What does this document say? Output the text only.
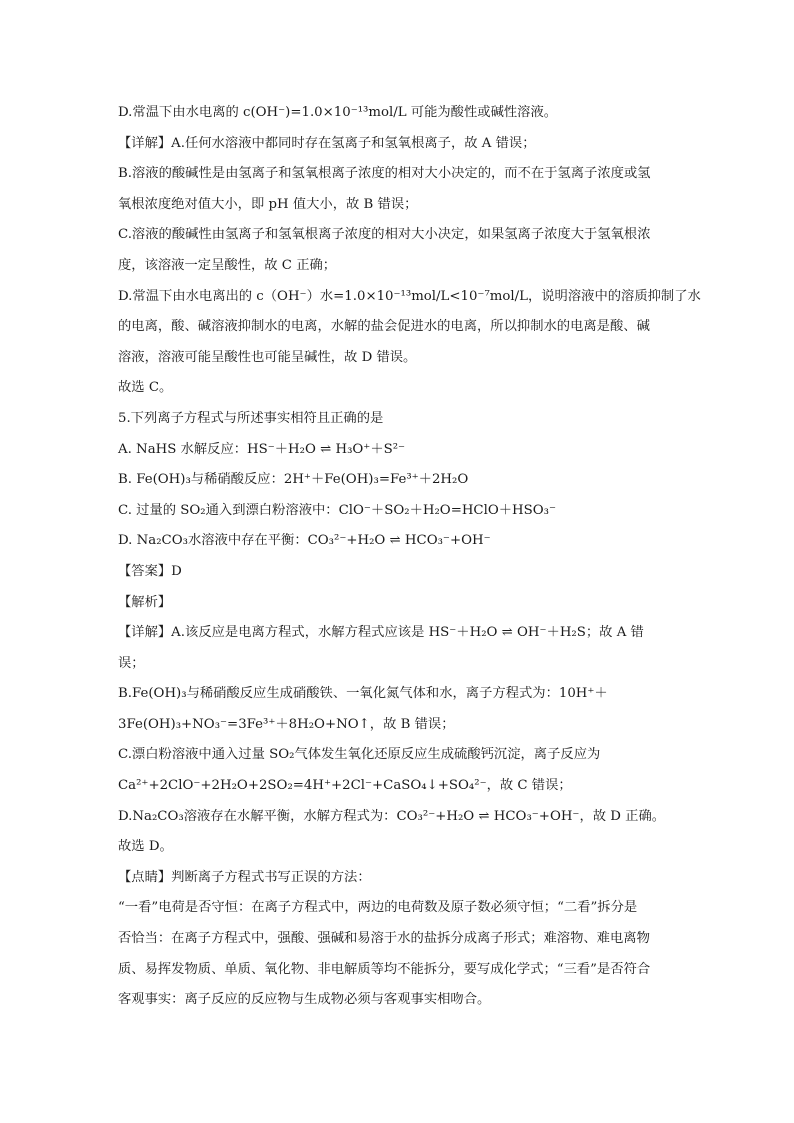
D.常温下由水电离的 c(OH⁻)=1.0×10⁻¹³mol/L 可能为酸性或碱性溶液。
【详解】A.任何水溶液中都同时存在氢离子和氢氧根离子，故 A 错误；
B.溶液的酸碱性是由氢离子和氢氧根离子浓度的相对大小决定的，而不在于氢离子浓度或氢
氧根浓度绝对值大小，即 pH 值大小，故 B 错误；
C.溶液的酸碱性由氢离子和氢氧根离子浓度的相对大小决定，如果氢离子浓度大于氢氧根浓
度，该溶液一定呈酸性，故 C 正确；
D.常温下由水电离出的 c（OH⁻）水=1.0×10⁻¹³mol/L<10⁻⁷mol/L，说明溶液中的溶质抑制了水
的电离，酸、碱溶液抑制水的电离，水解的盐会促进水的电离，所以抑制水的电离是酸、碱
溶液，溶液可能呈酸性也可能呈碱性，故 D 错误。
故选 C。
5.下列离子方程式与所述事实相符且正确的是
A. NaHS 水解反应：HS⁻＋H₂O ⇌ H₃O⁺＋S²⁻
B. Fe(OH)₃与稀硝酸反应：2H⁺＋Fe(OH)₃=Fe³⁺＋2H₂O
C. 过量的 SO₂通入到漂白粉溶液中：ClO⁻＋SO₂＋H₂O=HClO＋HSO₃⁻
D. Na₂CO₃水溶液中存在平衡：CO₃²⁻+H₂O ⇌ HCO₃⁻+OH⁻
【答案】D
【解析】
【详解】A.该反应是电离方程式，水解方程式应该是 HS⁻＋H₂O ⇌ OH⁻＋H₂S；故 A 错
误；
B.Fe(OH)₃与稀硝酸反应生成硝酸铁、一氧化氮气体和水，离子方程式为：10H⁺＋
3Fe(OH)₃+NO₃⁻=3Fe³⁺＋8H₂O+NO↑，故 B 错误；
C.漂白粉溶液中通入过量 SO₂气体发生氧化还原反应生成硫酸钙沉淀，离子反应为
Ca²⁺+2ClO⁻+2H₂O+2SO₂=4H⁺+2Cl⁻+CaSO₄↓+SO₄²⁻，故 C 错误；
D.Na₂CO₃溶液存在水解平衡，水解方程式为：CO₃²⁻+H₂O ⇌ HCO₃⁻+OH⁻，故 D 正确。
故选 D。
【点睛】判断离子方程式书写正误的方法：
“一看”电荷是否守恒：在离子方程式中，两边的电荷数及原子数必须守恒；“二看”拆分是
否恰当：在离子方程式中，强酸、强碱和易溶于水的盐拆分成离子形式；难溶物、难电离物
质、易挥发物质、单质、氧化物、非电解质等均不能拆分，要写成化学式；“三看”是否符合
客观事实：离子反应的反应物与生成物必须与客观事实相吻合。
